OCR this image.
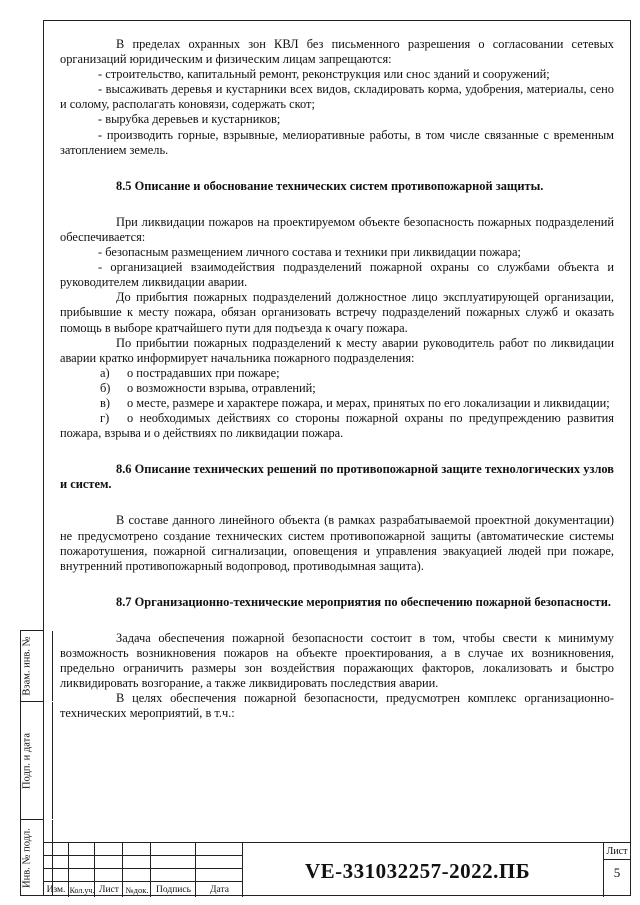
В пределах охранных зон КВЛ без письменного разрешения о согласовании сетевых организаций юридическим и физическим лицам запрещаются:

- строительство, капитальный ремонт, реконструкция или снос зданий и сооружений;

- высаживать деревья и кустарники всех видов, складировать корма, удобрения, материалы, сено и солому, располагать коновязи, содержать скот;

- вырубка деревьев и кустарников;

- производить горные, взрывные, мелиоративные работы, в том числе связанные с временным затоплением земель.

8.5 Описание и обоснование технических систем противопожарной защиты.

При ликвидации пожаров на проектируемом объекте безопасность пожарных подразделений обеспечивается:

- безопасным размещением личного состава и техники при ликвидации пожара;

- организацией взаимодействия подразделений пожарной охраны со службами объекта и руководителем ликвидации аварии.

До прибытия пожарных подразделений должностное лицо эксплуатирующей организации, прибывшие к месту пожара, обязан организовать встречу подразделений пожарных служб и оказать помощь в выборе кратчайшего пути для подъезда к очагу пожара.

По прибытии пожарных подразделений к месту аварии руководитель работ по ликвидации аварии кратко информирует начальника пожарного подразделения:

а) о пострадавших при пожаре;

б) о возможности взрыва, отравлений;

в) о месте, размере и характере пожара, и мерах, принятых по его локализации и ликвидации;

г) о необходимых действиях со стороны пожарной охраны по предупреждению развития пожара, взрыва и о действиях по ликвидации пожара.

8.6 Описание технических решений по противопожарной защите технологических узлов и систем.

В составе данного линейного объекта (в рамках разрабатываемой проектной документации) не предусмотрено создание технических систем противопожарной защиты (автоматические системы пожаротушения, пожарной сигнализации, оповещения и управления эвакуацией людей при пожаре, внутренний противопожарный водопровод, противодымная защита).

8.7 Организационно-технические мероприятия по обеспечению пожарной безопасности.

Задача обеспечения пожарной безопасности состоит в том, чтобы свести к минимуму возможность возникновения пожаров на объекте проектирования, а в случае их возникновения, предельно ограничить размеры зон воздействия поражающих факторов, локализовать и быстро ликвидировать возгорание, а также ликвидировать последствия аварии.

В целях обеспечения пожарной безопасности, предусмотрен комплекс организационно-технических мероприятий, в т.ч.:

Взам. инв. №
Подп. и дата
Инв. № подл.
Изм. Кол.уч. Лист №док. Подпись	Дата
VE-331032257-2022.ПБ
Лист
5
